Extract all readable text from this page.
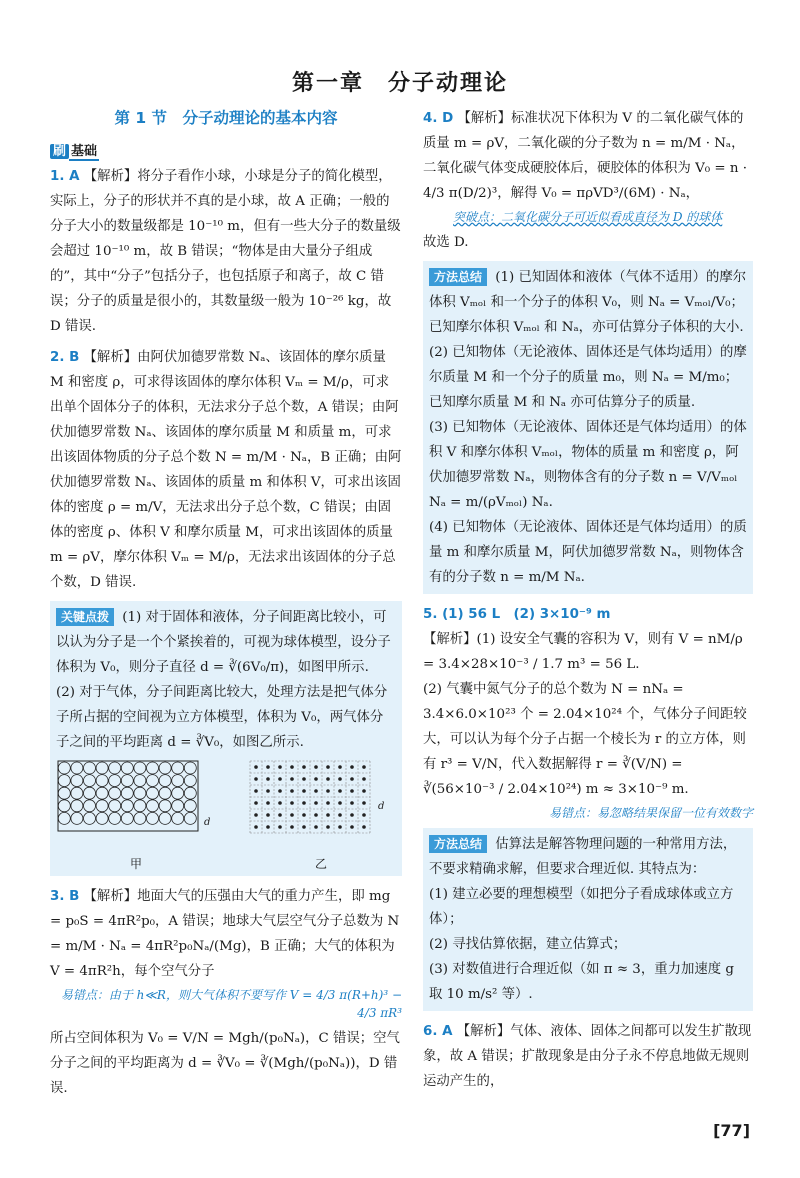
第一章　分子动理论
第 1 节　分子动理论的基本内容
刷 基础
1. A 【解析】将分子看作小球，小球是分子的简化模型，实际上，分子的形状并不真的是小球，故 A 正确；一般的分子大小的数量级都是 10⁻¹⁰ m，但有一些大分子的数量级会超过 10⁻¹⁰ m，故 B 错误；“物体是由大量分子组成的”，其中“分子”包括分子，也包括原子和离子，故 C 错误；分子的质量是很小的，其数量级一般为 10⁻²⁶ kg，故 D 错误.
2. B 【解析】由阿伏加德罗常数 Nₐ、该固体的摩尔质量 M 和密度 ρ，可求得该固体的摩尔体积 Vₘ = M/ρ，可求出单个固体分子的体积，无法求分子总个数，A 错误；由阿伏加德罗常数 Nₐ、该固体的摩尔质量 M 和质量 m，可求出该固体物质的分子总个数 N = m/M · Nₐ，B 正确；由阿伏加德罗常数 Nₐ、该固体的质量 m 和体积 V，可求出该固体的密度 ρ = m/V，无法求出分子总个数，C 错误；由固体的密度 ρ、体积 V 和摩尔质量 M，可求出该固体的质量 m = ρV，摩尔体积 Vₘ = M/ρ，无法求出该固体的分子总个数，D 错误.
关键点拨 (1) 对于固体和液体，分子间距离比较小，可以认为分子是一个个紧挨着的，可视为球体模型，设分子体积为 V₀，则分子直径 d = ∛(6V₀/π)，如图甲所示.
(2) 对于气体，分子间距离比较大，处理方法是把气体分子所占据的空间视为立方体模型，体积为 V₀，两气体分子之间的平均距离 d = ∛V₀，如图乙所示.
d
甲
d
乙
3. B 【解析】地面大气的压强由大气的重力产生，即 mg = p₀S = 4πR²p₀，A 错误；地球大气层空气分子总数为 N = m/M · Nₐ = 4πR²p₀Nₐ/(Mg)，B 正确；大气的体积为 V = 4πR²h，每个空气分子
易错点：由于 h≪R，则大气体积不要写作 V = 4/3 π(R+h)³ − 4/3 πR³
所占空间体积为 V₀ = V/N = Mgh/(p₀Nₐ)，C 错误；空气分子之间的平均距离为 d = ∛V₀ = ∛(Mgh/(p₀Nₐ))，D 错误.
4. D 【解析】标准状况下体积为 V 的二氧化碳气体的质量 m = ρV，二氧化碳的分子数为 n = m/M · Nₐ，二氧化碳气体变成硬胶体后，硬胶体的体积为 V₀ = n · 4/3 π(D/2)³，解得 V₀ = πρVD³/(6M) · Nₐ，
突破点：二氧化碳分子可近似看成直径为 D 的球体
故选 D.
方法总结 (1) 已知固体和液体（气体不适用）的摩尔体积 Vₘₒₗ 和一个分子的体积 V₀，则 Nₐ = Vₘₒₗ/V₀；已知摩尔体积 Vₘₒₗ 和 Nₐ，亦可估算分子体积的大小.
(2) 已知物体（无论液体、固体还是气体均适用）的摩尔质量 M 和一个分子的质量 m₀，则 Nₐ = M/m₀；已知摩尔质量 M 和 Nₐ 亦可估算分子的质量.
(3) 已知物体（无论液体、固体还是气体均适用）的体积 V 和摩尔体积 Vₘₒₗ，物体的质量 m 和密度 ρ，阿伏加德罗常数 Nₐ，则物体含有的分子数 n = V/Vₘₒₗ Nₐ = m/(ρVₘₒₗ) Nₐ.
(4) 已知物体（无论液体、固体还是气体均适用）的质量 m 和摩尔质量 M，阿伏加德罗常数 Nₐ，则物体含有的分子数 n = m/M Nₐ.
5. (1) 56 L　(2) 3×10⁻⁹ m
【解析】(1) 设安全气囊的容积为 V，则有 V = nM/ρ = 3.4×28×10⁻³ / 1.7 m³ = 56 L.
(2) 气囊中氮气分子的总个数为 N = nNₐ = 3.4×6.0×10²³ 个 = 2.04×10²⁴ 个，气体分子间距较大，可以认为每个分子占据一个棱长为 r 的立方体，则有 r³ = V/N，代入数据解得 r = ∛(V/N) = ∛(56×10⁻³ / 2.04×10²⁴) m ≈ 3×10⁻⁹ m.
易错点：易忽略结果保留一位有效数字
方法总结 估算法是解答物理问题的一种常用方法，不要求精确求解，但要求合理近似. 其特点为：
(1) 建立必要的理想模型（如把分子看成球体或立方体）；
(2) 寻找估算依据，建立估算式；
(3) 对数值进行合理近似（如 π ≈ 3，重力加速度 g 取 10 m/s² 等）.
6. A 【解析】气体、液体、固体之间都可以发生扩散现象，故 A 错误；扩散现象是由分子永不停息地做无规则运动产生的，
[77]
